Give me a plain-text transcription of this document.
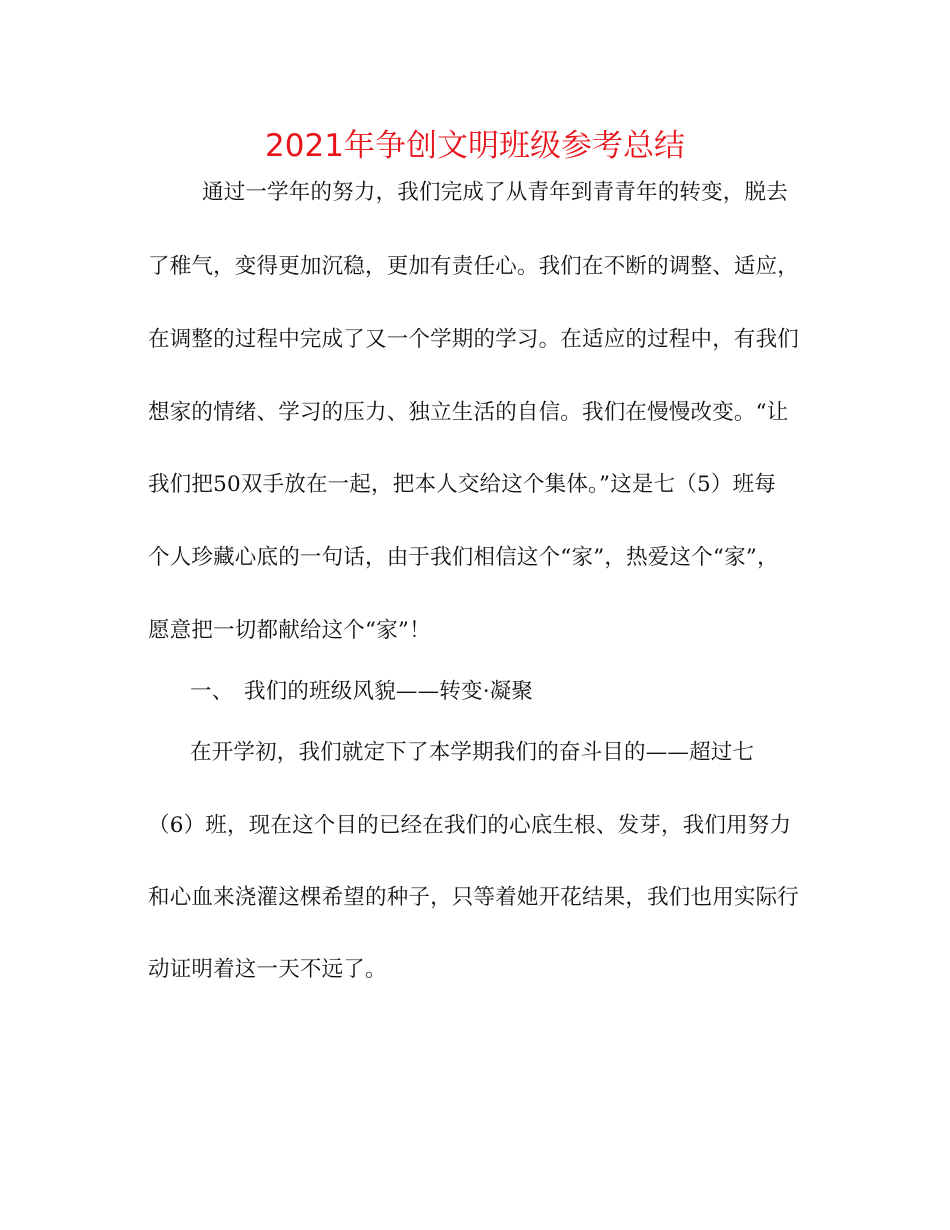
2021年争创文明班级参考总结
通过一学年的努力，我们完成了从青年到青青年的转变，脱去
了稚气，变得更加沉稳，更加有责任心。我们在不断的调整、适应，
在调整的过程中完成了又一个学期的学习。在适应的过程中，有我们
想家的情绪、学习的压力、独立生活的自信。我们在慢慢改变。“让
我们把50双手放在一起，把本人交给这个集体。”这是七（5）班每
个人珍藏心底的一句话，由于我们相信这个“家”，热爱这个“家”，
愿意把一切都献给这个“家”！
一、 我们的班级风貌——转变·凝聚
在开学初，我们就定下了本学期我们的奋斗目的——超过七
（6）班，现在这个目的已经在我们的心底生根、发芽，我们用努力
和心血来浇灌这棵希望的种子，只等着她开花结果，我们也用实际行
动证明着这一天不远了。
